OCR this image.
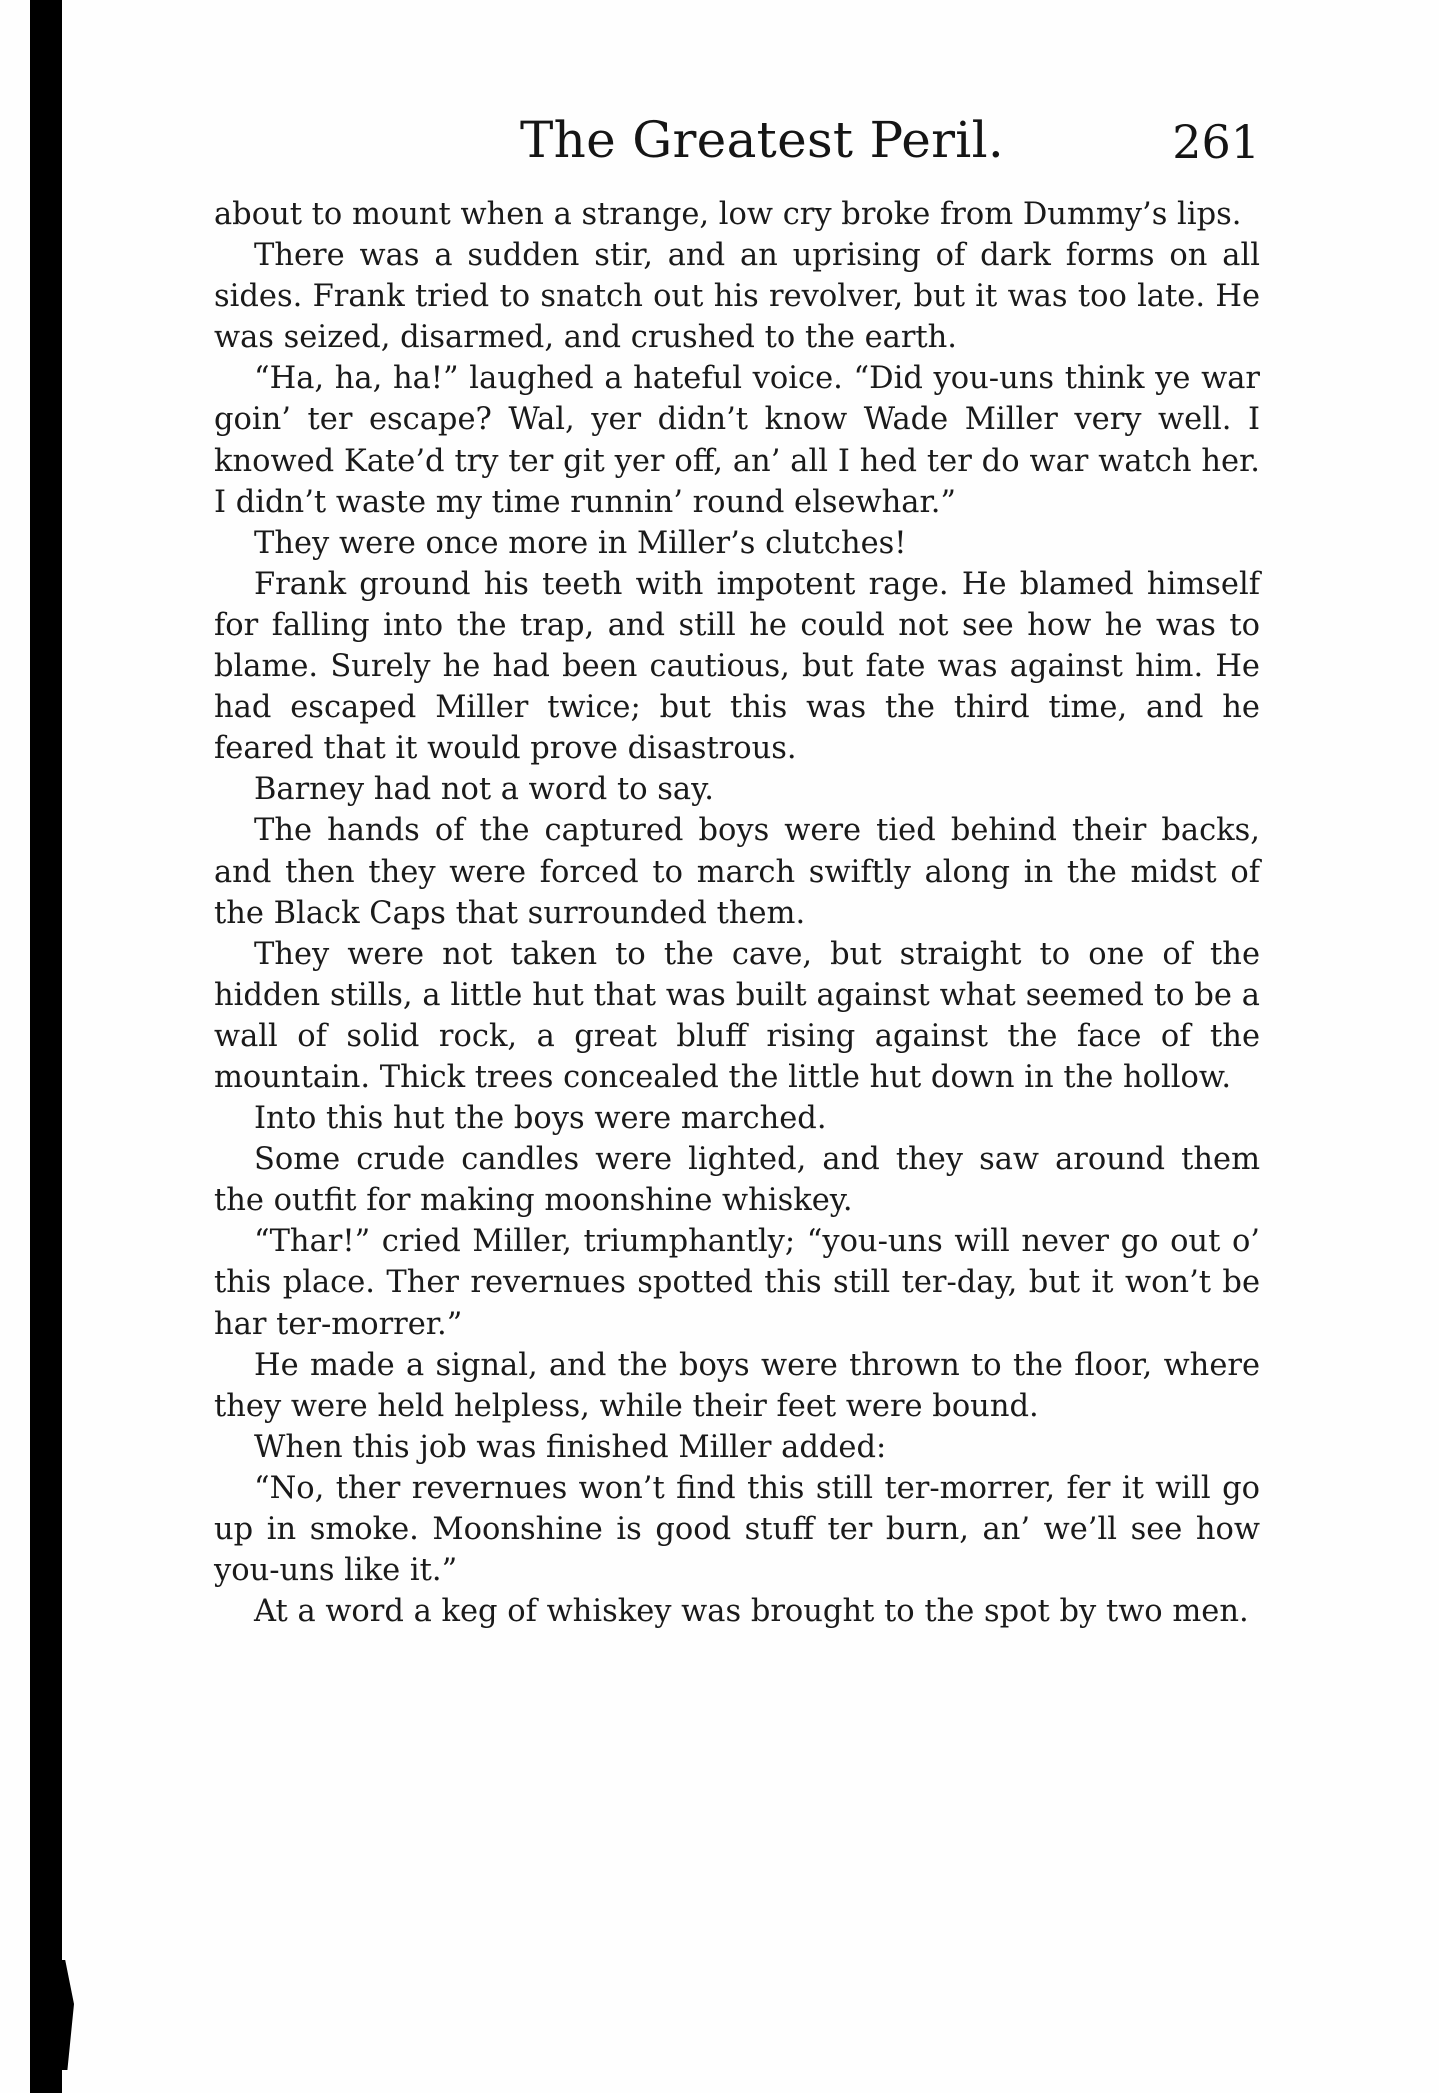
The Greatest Peril.	261

about to mount when a strange, low cry broke from Dummy’s lips.

There was a sudden stir, and an uprising of dark forms on all sides. Frank tried to snatch out his revolver, but it was too late. He was seized, disarmed, and crushed to the earth.

“Ha, ha, ha!” laughed a hateful voice. “Did you-uns think ye war goin’ ter escape? Wal, yer didn’t know Wade Miller very well. I knowed Kate’d try ter git yer off, an’ all I hed ter do war watch her. I didn’t waste my time runnin’ round elsewhar.”

They were once more in Miller’s clutches!

Frank ground his teeth with impotent rage. He blamed himself for falling into the trap, and still he could not see how he was to blame. Surely he had been cautious, but fate was against him. He had escaped Miller twice; but this was the third time, and he feared that it would prove disastrous.

Barney had not a word to say.

The hands of the captured boys were tied behind their backs, and then they were forced to march swiftly along in the midst of the Black Caps that surrounded them.

They were not taken to the cave, but straight to one of the hidden stills, a little hut that was built against what seemed to be a wall of solid rock, a great bluff rising against the face of the mountain. Thick trees concealed the little hut down in the hollow.

Into this hut the boys were marched.

Some crude candles were lighted, and they saw around them the outfit for making moonshine whiskey.

“Thar!” cried Miller, triumphantly; “you-uns will never go out o’ this place. Ther revernues spotted this still ter-day, but it won’t be har ter-morrer.”

He made a signal, and the boys were thrown to the floor, where they were held helpless, while their feet were bound.

When this job was finished Miller added:

“No, ther revernues won’t find this still ter-morrer, fer it will go up in smoke. Moonshine is good stuff ter burn, an’ we’ll see how you-uns like it.”

At a word a keg of whiskey was brought to the spot by two men.
